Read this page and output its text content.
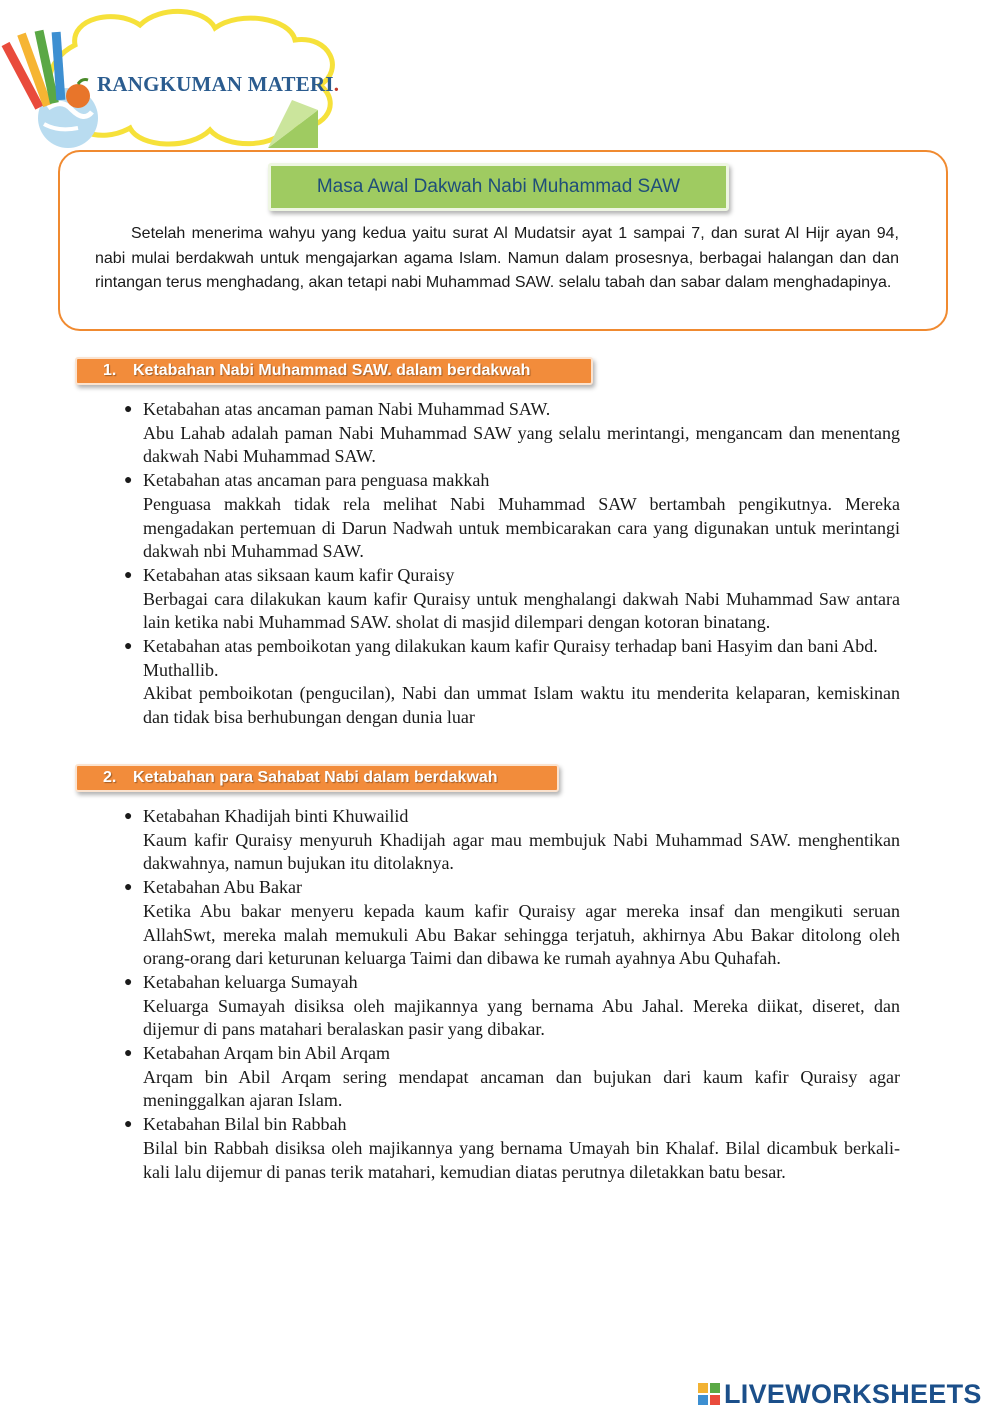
RANGKUMAN MATERI.
Masa Awal Dakwah Nabi Muhammad SAW

Setelah menerima wahyu yang kedua yaitu surat Al Mudatsir ayat 1 sampai 7, dan surat Al Hijr ayan 94, nabi mulai berdakwah untuk mengajarkan agama Islam. Namun dalam prosesnya, berbagai halangan dan dan rintangan terus menghadang, akan tetapi nabi Muhammad SAW. selalu tabah dan sabar dalam menghadapinya.

1.	Ketabahan Nabi Muhammad SAW. dalam berdakwah
● Ketabahan atas ancaman paman Nabi Muhammad SAW.
Abu Lahab adalah paman Nabi Muhammad SAW yang selalu merintangi, mengancam dan menentang dakwah Nabi Muhammad SAW.
● Ketabahan atas ancaman para penguasa makkah
Penguasa makkah tidak rela melihat Nabi Muhammad SAW bertambah pengikutnya. Mereka mengadakan pertemuan di Darun Nadwah untuk membicarakan cara yang digunakan untuk merintangi dakwah nbi Muhammad SAW.
● Ketabahan atas siksaan kaum kafir Quraisy
Berbagai cara dilakukan kaum kafir Quraisy untuk menghalangi dakwah Nabi Muhammad Saw antara lain ketika nabi Muhammad SAW. sholat di masjid dilempari dengan kotoran binatang.
● Ketabahan atas pemboikotan yang dilakukan kaum kafir Quraisy terhadap bani Hasyim dan bani Abd. Muthallib.
Akibat pemboikotan (pengucilan), Nabi dan ummat Islam waktu itu menderita kelaparan, kemiskinan dan tidak bisa berhubungan dengan dunia luar
2.	Ketabahan para Sahabat Nabi dalam berdakwah
● Ketabahan Khadijah binti Khuwailid
Kaum kafir Quraisy menyuruh Khadijah agar mau membujuk Nabi Muhammad SAW. menghentikan dakwahnya, namun bujukan itu ditolaknya.
● Ketabahan Abu Bakar
Ketika Abu bakar menyeru kepada kaum kafir Quraisy agar mereka insaf dan mengikuti seruan AllahSwt, mereka malah memukuli Abu Bakar sehingga terjatuh, akhirnya Abu Bakar ditolong oleh orang-orang dari keturunan keluarga Taimi dan dibawa ke rumah ayahnya Abu Quhafah.
● Ketabahan keluarga Sumayah
Keluarga Sumayah disiksa oleh majikannya yang bernama Abu Jahal. Mereka diikat, diseret, dan dijemur di pans matahari beralaskan pasir yang dibakar.
● Ketabahan Arqam bin Abil Arqam
Arqam bin Abil Arqam sering mendapat ancaman dan bujukan dari kaum kafir Quraisy agar meninggalkan ajaran Islam.
● Ketabahan Bilal bin Rabbah
Bilal bin Rabbah disiksa oleh majikannya yang bernama Umayah bin Khalaf. Bilal dicambuk berkali-kali lalu dijemur di panas terik matahari, kemudian diatas perutnya diletakkan batu besar.
LIVEWORKSHEETS
